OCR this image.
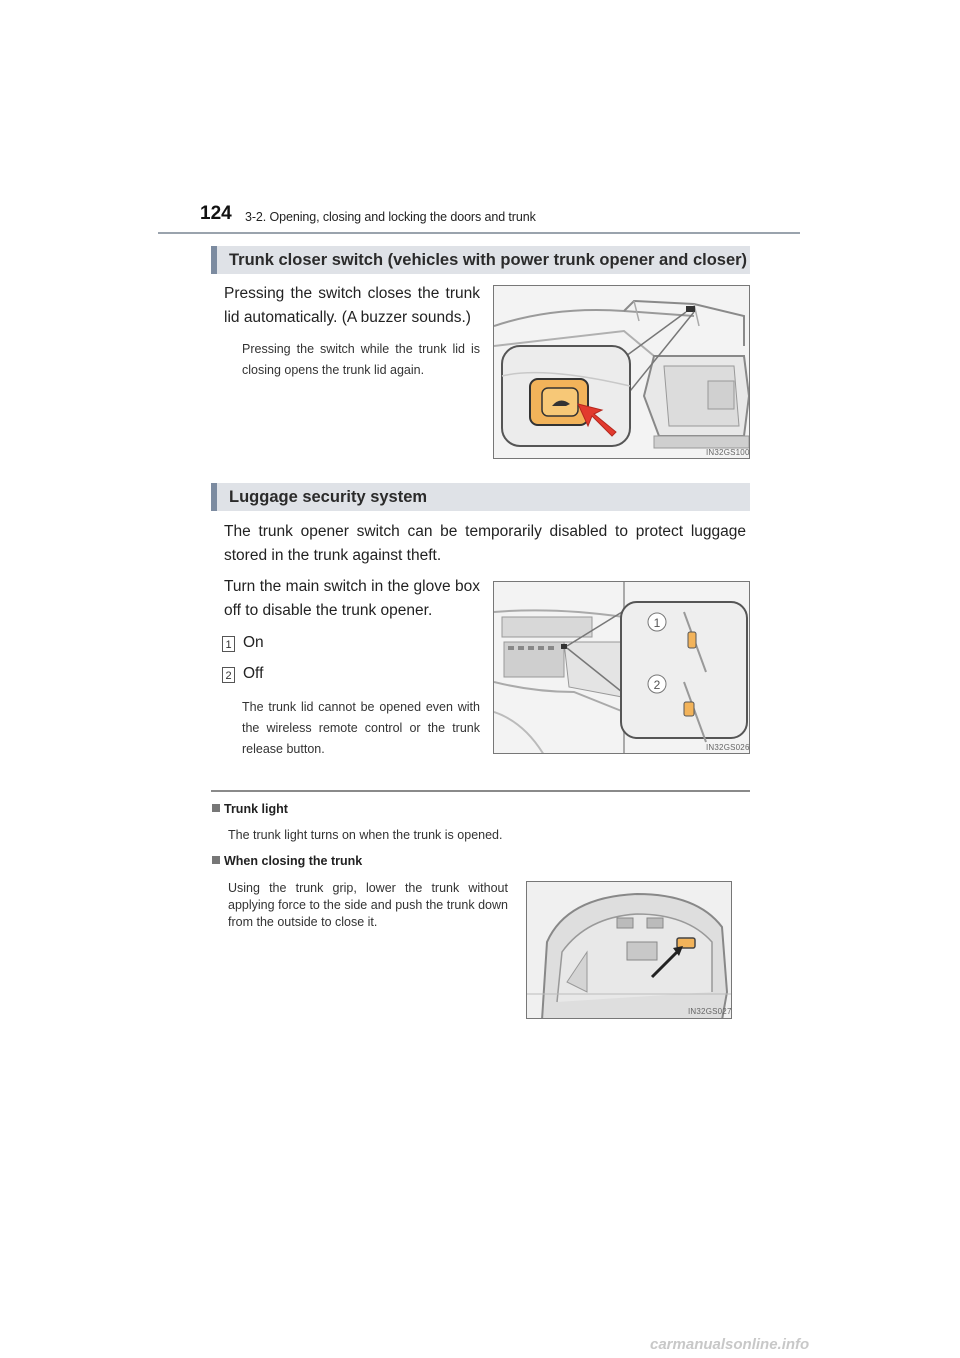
124 3-2. Opening, closing and locking the doors and trunk
Trunk closer switch (vehicles with power trunk opener and closer)
Pressing the switch closes the trunk lid automatically. (A buzzer sounds.)
Pressing the switch while the trunk lid is closing opens the trunk lid again.
IN32GS100
Luggage security system
The trunk opener switch can be temporarily disabled to protect luggage stored in the trunk against theft.
Turn the main switch in the glove box off to disable the trunk opener.
1 On
2 Off
The trunk lid cannot be opened even with the wireless remote control or the trunk release button.
1
2
IN32GS026
Trunk light
The trunk light turns on when the trunk is opened.
When closing the trunk
Using the trunk grip, lower the trunk without applying force to the side and push the trunk down from the outside to close it.
IN32GS027
carmanualsonline.info
